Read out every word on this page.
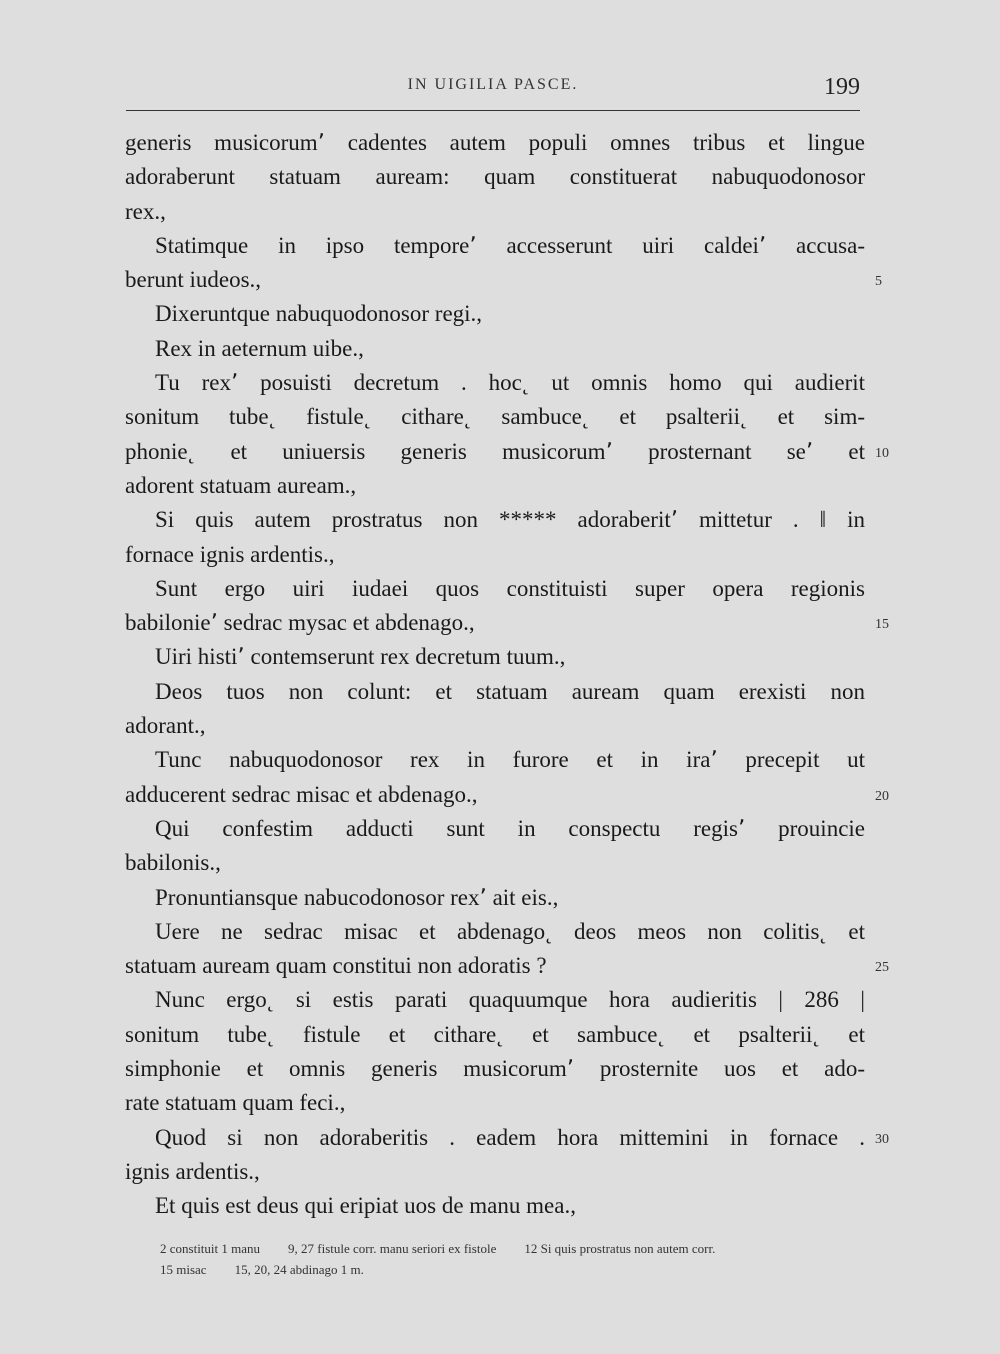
IN UIGILIA PASCE.	199
generis musicorum٬ cadentes autem populi omnes tribus et lingue
adoraberunt statuam auream: quam constituerat nabuquodonosor
rex.,
Statimque in ipso tempore٬ accesserunt uiri caldei٬ accusa-
berunt iudeos.,	5
Dixeruntque nabuquodonosor regi.,
Rex in aeternum uibe.,
Tu rex٬ posuisti decretum . hoc˛ ut omnis homo qui audierit
sonitum tube˛ fistule˛ cithare˛ sambuce˛ et psalterii˛ et sim-
phonie˛ et uniuersis generis musicorum٬ prosternant se٬ et 10
adorent statuam auream.,
Si quis autem prostratus non ***** adoraberit٬ mittetur . ‖ in
fornace ignis ardentis.,
Sunt ergo uiri iudaei quos constituisti super opera regionis
babilonie٬ sedrac mysac et abdenago.,	15
Uiri histi٬ contemserunt rex decretum tuum.,
Deos tuos non colunt: et statuam auream quam erexisti non
adorant.,
Tunc nabuquodonosor rex in furore et in ira٬ precepit ut
adducerent sedrac misac et abdenago.,	20
Qui confestim adducti sunt in conspectu regis٬ prouincie
babilonis.,
Pronuntiansque nabucodonosor rex٬ ait eis.,
Uere ne sedrac misac et abdenago˛ deos meos non colitis˛ et
statuam auream quam constitui non adoratis ?	25
Nunc ergo˛ si estis parati quaquumque hora audieritis | 286 |
sonitum tube˛ fistule et cithare˛ et sambuce˛ et psalterii˛ et
simphonie et omnis generis musicorum٬ prosternite uos et ado-
rate statuam quam feci.,
Quod si non adoraberitis . eadem hora mittemini in fornace . 30
ignis ardentis.,
Et quis est deus qui eripiat uos de manu mea.,
2 constituit 1 manu 9, 27 fistule corr. manu seriori ex fistole 12 Si quis prostratus non autem corr.
15 misac 15, 20, 24 abdinago 1 m.
